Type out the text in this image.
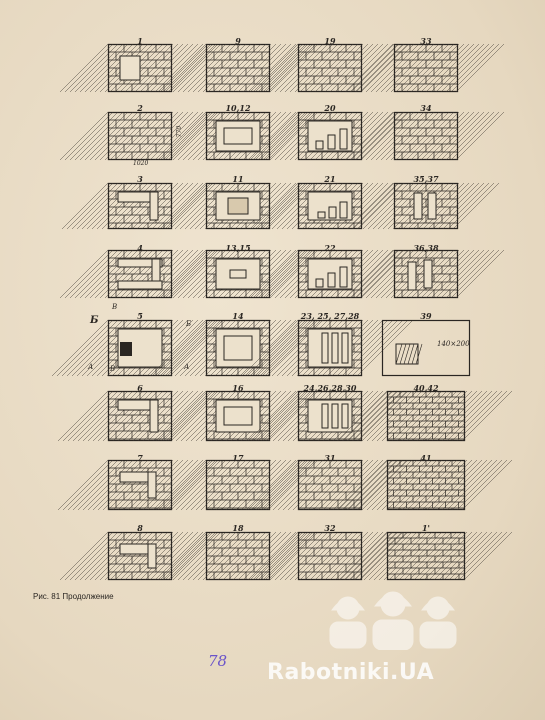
1	9	19	33
2	10,12	20	34
3	11	21	35,37
4	13,15	22	36,38
5	14	23, 25, 27,28	39
6	16	24,26,28,30	40,42
7	17	31	41
8	18	32	1'
1020
770
В
Б	Б
В
А	А
140×200
Рис. 81 Продолжение
78 Rabotniki.UA
